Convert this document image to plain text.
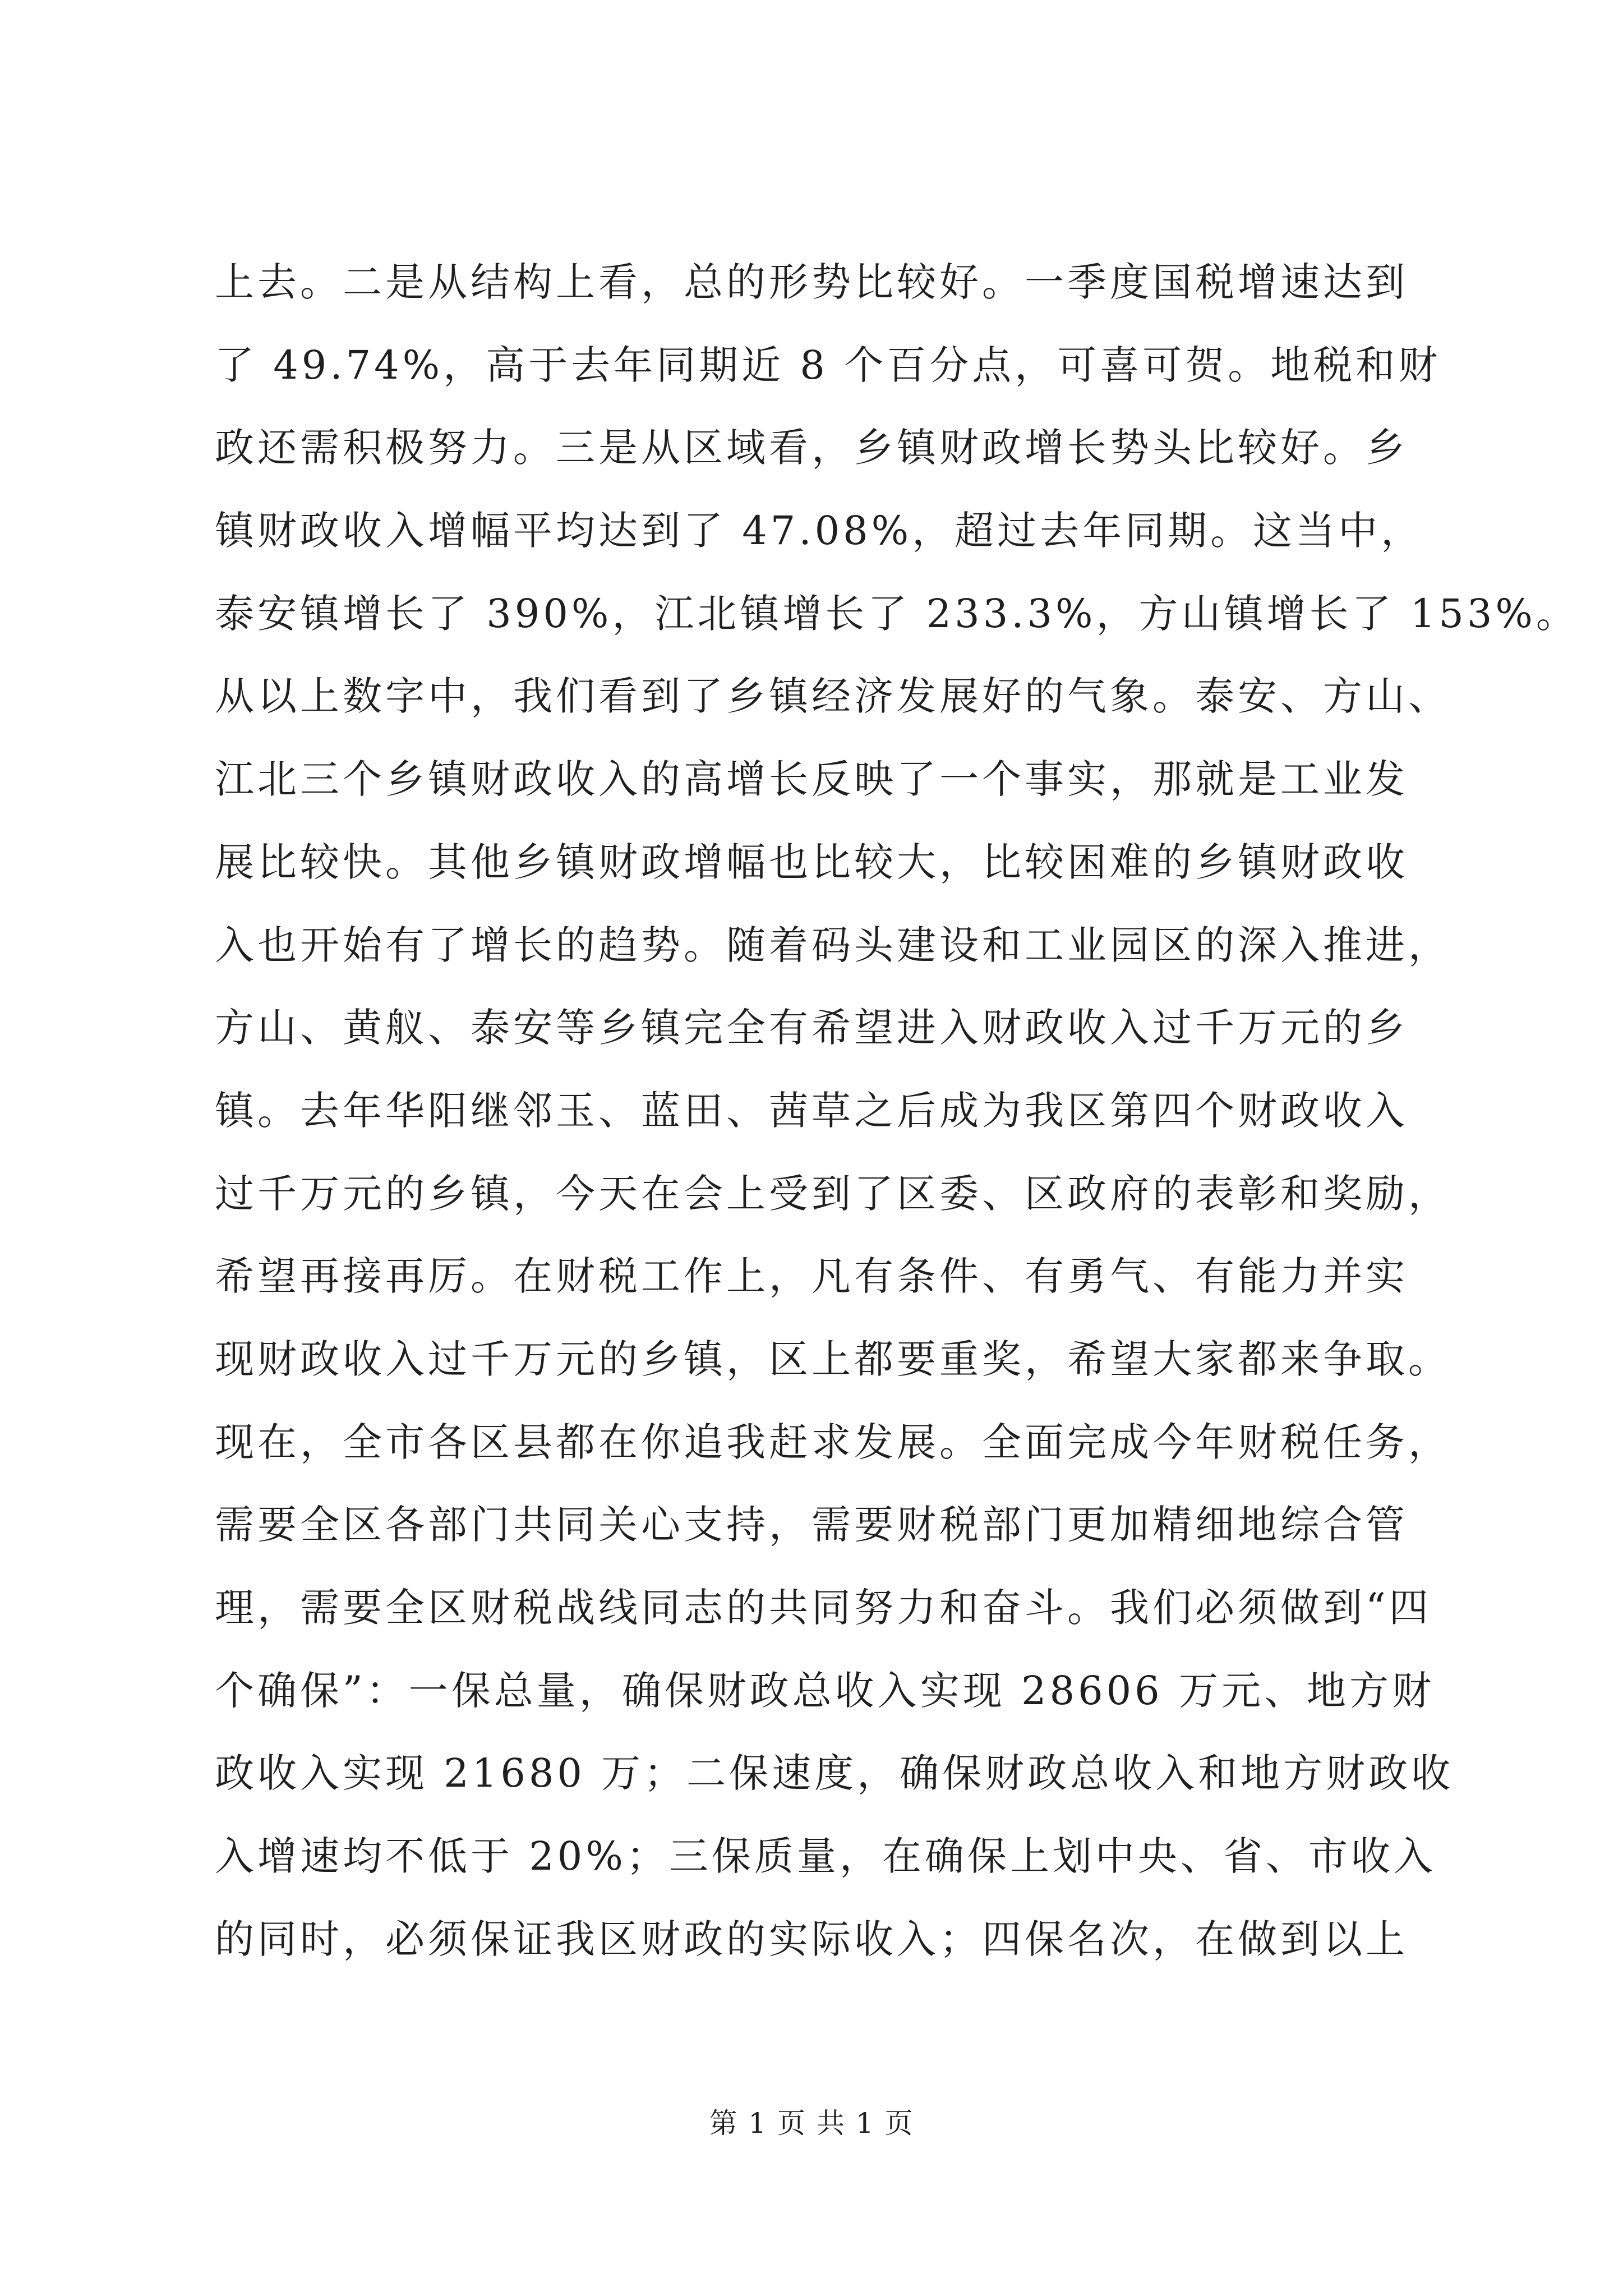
上去。二是从结构上看，总的形势比较好。一季度国税增速达到
了 49.74%，高于去年同期近 8 个百分点，可喜可贺。地税和财
政还需积极努力。三是从区域看，乡镇财政增长势头比较好。乡
镇财政收入增幅平均达到了 47.08%，超过去年同期。这当中，
泰安镇增长了 390%，江北镇增长了 233.3%，方山镇增长了 153%。
从以上数字中，我们看到了乡镇经济发展好的气象。泰安、方山、
江北三个乡镇财政收入的高增长反映了一个事实，那就是工业发
展比较快。其他乡镇财政增幅也比较大，比较困难的乡镇财政收
入也开始有了增长的趋势。随着码头建设和工业园区的深入推进，
方山、黄舣、泰安等乡镇完全有希望进入财政收入过千万元的乡
镇。去年华阳继邻玉、蓝田、茜草之后成为我区第四个财政收入
过千万元的乡镇，今天在会上受到了区委、区政府的表彰和奖励，
希望再接再厉。在财税工作上，凡有条件、有勇气、有能力并实
现财政收入过千万元的乡镇，区上都要重奖，希望大家都来争取。
现在，全市各区县都在你追我赶求发展。全面完成今年财税任务，
需要全区各部门共同关心支持，需要财税部门更加精细地综合管
理，需要全区财税战线同志的共同努力和奋斗。我们必须做到“四
个确保”：一保总量，确保财政总收入实现 28606 万元、地方财
政收入实现 21680 万；二保速度，确保财政总收入和地方财政收
入增速均不低于 20%；三保质量，在确保上划中央、省、市收入
的同时，必须保证我区财政的实际收入；四保名次，在做到以上
第 1 页 共 1 页
